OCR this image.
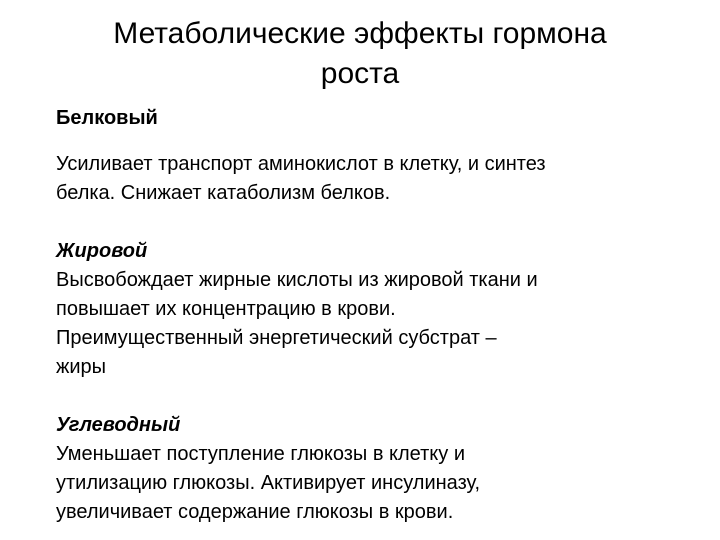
Метаболические эффекты гормона
роста
Белковый
Усиливает транспорт аминокислот в клетку, и синтез
белка. Снижает катаболизм белков.
Жировой
Высвобождает жирные кислоты из жировой ткани и
повышает их концентрацию в крови.
Преимущественный энергетический субстрат –
жиры
Углеводный
Уменьшает поступление глюкозы в клетку и
утилизацию глюкозы. Активирует инсулиназу,
увеличивает содержание глюкозы в крови.
